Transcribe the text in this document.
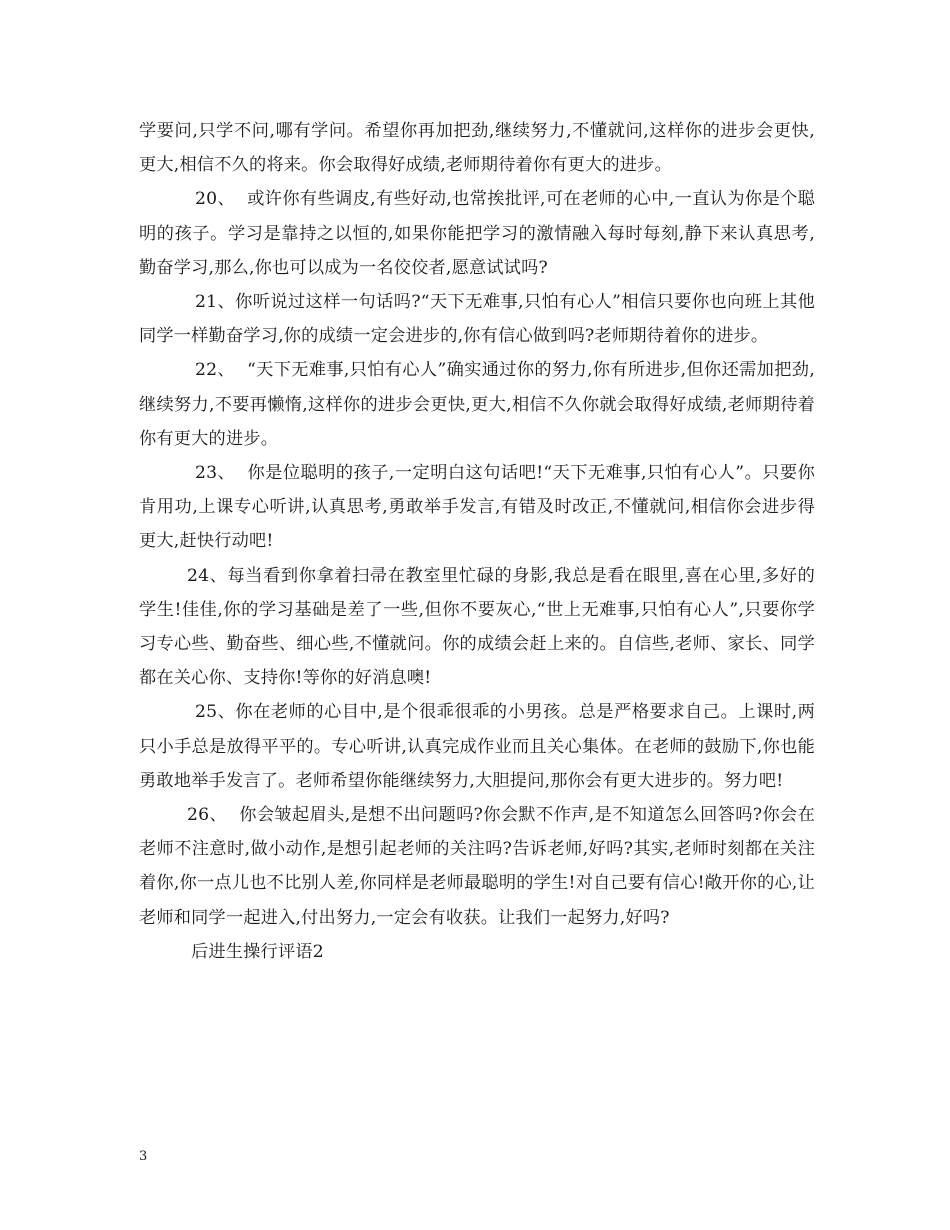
学要问,只学不问,哪有学问。希望你再加把劲,继续努力,不懂就问,这样你的进步会更快,更大,相信不久的将来。你会取得好成绩,老师期待着你有更大的进步。

20、 或许你有些调皮,有些好动,也常挨批评,可在老师的心中,一直认为你是个聪明的孩子。学习是靠持之以恒的,如果你能把学习的激情融入每时每刻,静下来认真思考,勤奋学习,那么,你也可以成为一名佼佼者,愿意试试吗?

21、你听说过这样一句话吗?“天下无难事,只怕有心人”相信只要你也向班上其他同学一样勤奋学习,你的成绩一定会进步的,你有信心做到吗?老师期待着你的进步。

22、 “天下无难事,只怕有心人”确实通过你的努力,你有所进步,但你还需加把劲,继续努力,不要再懒惰,这样你的进步会更快,更大,相信不久你就会取得好成绩,老师期待着你有更大的进步。

23、 你是位聪明的孩子,一定明白这句话吧!“天下无难事,只怕有心人”。只要你肯用功,上课专心听讲,认真思考,勇敢举手发言,有错及时改正,不懂就问,相信你会进步得更大,赶快行动吧!

24、每当看到你拿着扫帚在教室里忙碌的身影,我总是看在眼里,喜在心里,多好的学生!佳佳,你的学习基础是差了一些,但你不要灰心,“世上无难事,只怕有心人”,只要你学习专心些、勤奋些、细心些,不懂就问。你的成绩会赶上来的。自信些,老师、家长、同学都在关心你、支持你!等你的好消息噢!

25、你在老师的心目中,是个很乖很乖的小男孩。总是严格要求自己。上课时,两只小手总是放得平平的。专心听讲,认真完成作业而且关心集体。在老师的鼓励下,你也能勇敢地举手发言了。老师希望你能继续努力,大胆提问,那你会有更大进步的。努力吧!

26、 你会皱起眉头,是想不出问题吗?你会默不作声,是不知道怎么回答吗?你会在老师不注意时,做小动作,是想引起老师的关注吗?告诉老师,好吗?其实,老师时刻都在关注着你,你一点儿也不比别人差,你同样是老师最聪明的学生!对自己要有信心!敞开你的心,让老师和同学一起进入,付出努力,一定会有收获。让我们一起努力,好吗?

后进生操行评语2

3
